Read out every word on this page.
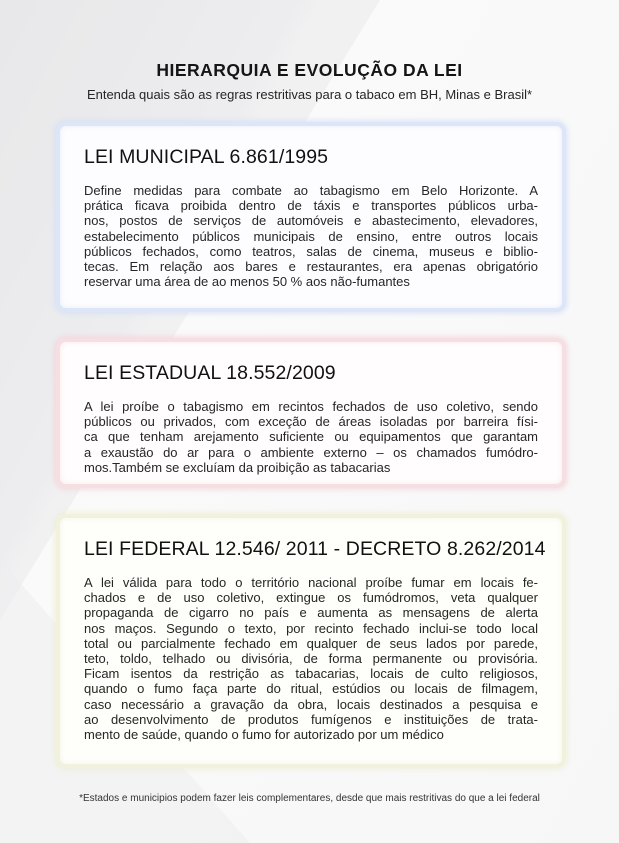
HIERARQUIA E EVOLUÇÃO DA LEI
Entenda quais são as regras restritivas para o tabaco em BH, Minas e Brasil*
LEI MUNICIPAL 6.861/1995

Define medidas para combate ao tabagismo em Belo Horizonte. A
prática ficava proibida dentro de táxis e transportes públicos urba-
nos, postos de serviços de automóveis e abastecimento, elevadores,
estabelecimento públicos municipais de ensino, entre outros locais
públicos fechados, como teatros, salas de cinema, museus e biblio-
tecas. Em relação aos bares e restaurantes, era apenas obrigatório
reservar uma área de ao menos 50 % aos não-fumantes

LEI ESTADUAL 18.552/2009

A lei proíbe o tabagismo em recintos fechados de uso coletivo, sendo
públicos ou privados, com exceção de áreas isoladas por barreira físi-
ca que tenham arejamento suficiente ou equipamentos que garantam
a exaustão do ar para o ambiente externo – os chamados fumódro-
mos.Também se excluíam da proibição as tabacarias

LEI FEDERAL 12.546/ 2011 - DECRETO 8.262/2014

A lei válida para todo o território nacional proíbe fumar em locais fe-
chados e de uso coletivo, extingue os fumódromos, veta qualquer
propaganda de cigarro no país e aumenta as mensagens de alerta
nos maços. Segundo o texto, por recinto fechado inclui-se todo local
total ou parcialmente fechado em qualquer de seus lados por parede,
teto, toldo, telhado ou divisória, de forma permanente ou provisória.
Ficam isentos da restrição as tabacarias, locais de culto religiosos,
quando o fumo faça parte do ritual, estúdios ou locais de filmagem,
caso necessário a gravação da obra, locais destinados a pesquisa e
ao desenvolvimento de produtos fumígenos e instituições de trata-
mento de saúde, quando o fumo for autorizado por um médico

*Estados e municipios podem fazer leis complementares, desde que mais restritivas do que a lei federal
